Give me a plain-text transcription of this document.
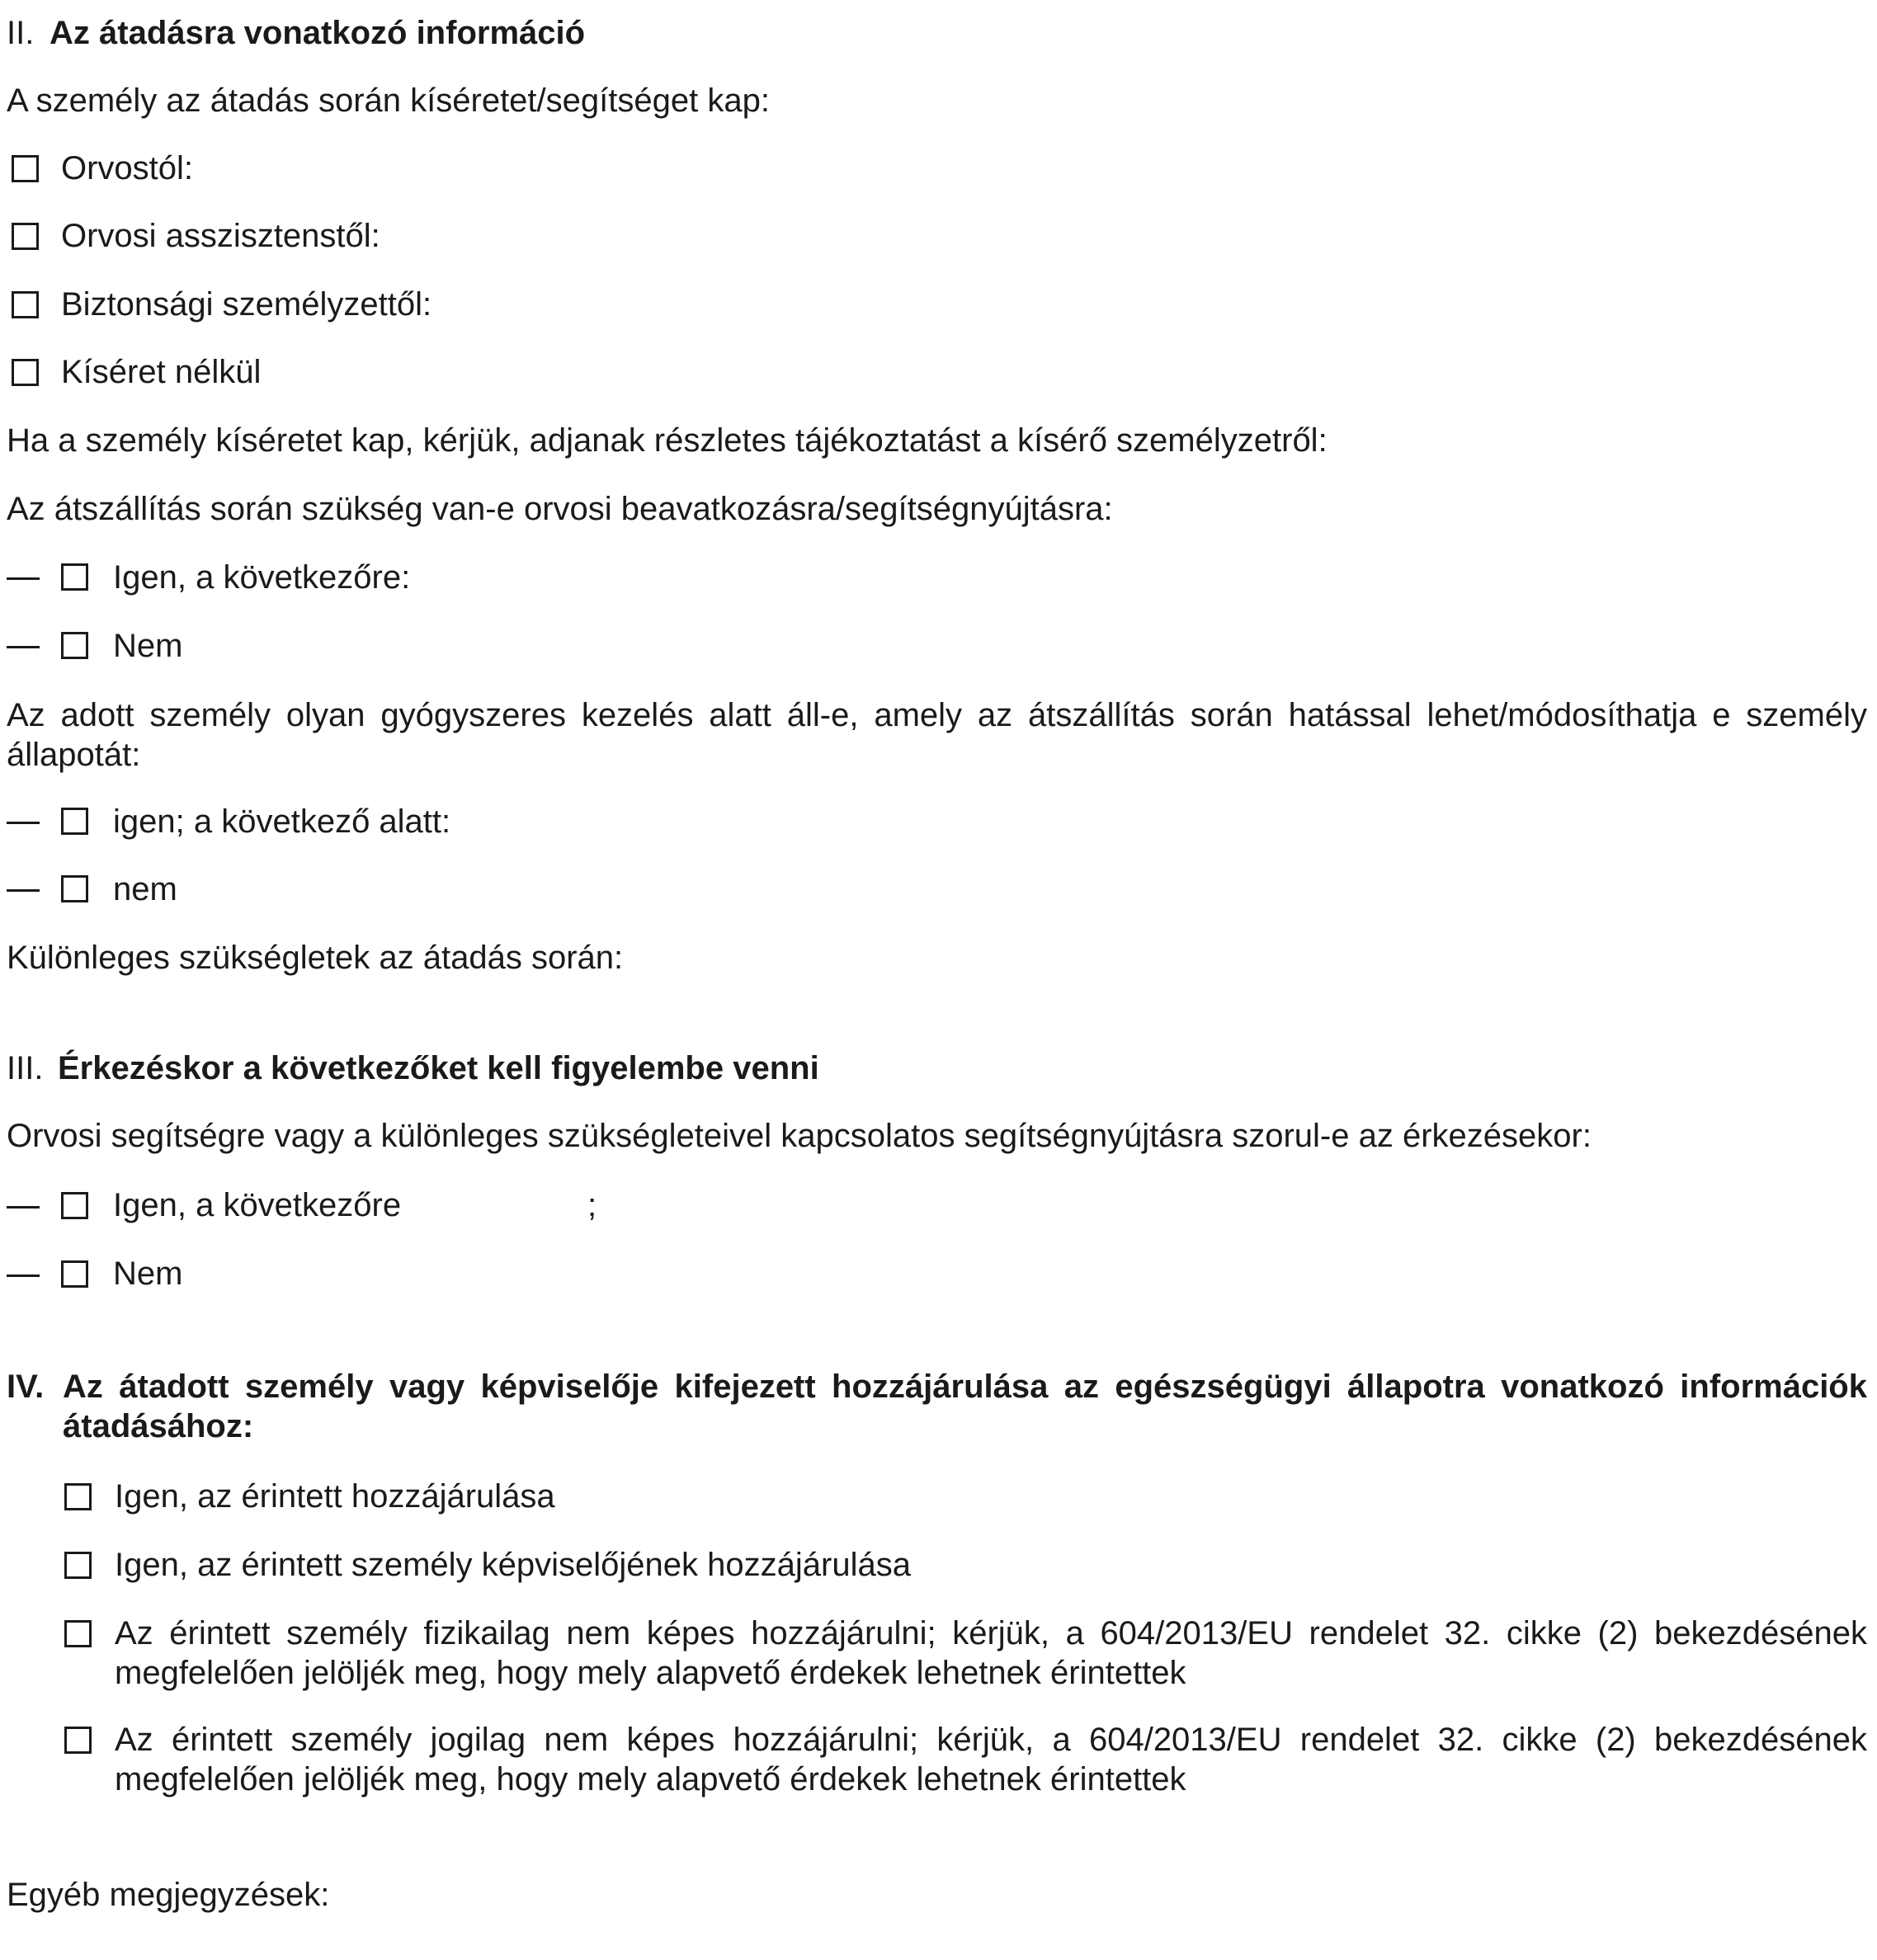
II. Az átadásra vonatkozó információ
A személy az átadás során kíséretet/segítséget kap:
Orvostól:
Orvosi asszisztenstől:
Biztonsági személyzettől:
Kíséret nélkül
Ha a személy kíséretet kap, kérjük, adjanak részletes tájékoztatást a kísérő személyzetről:
Az átszállítás során szükség van-e orvosi beavatkozásra/segítségnyújtásra:
Igen, a következőre:
Nem
Az adott személy olyan gyógyszeres kezelés alatt áll-e, amely az átszállítás során hatással lehet/módosíthatja e személy állapotát:
igen; a következő alatt:
nem
Különleges szükségletek az átadás során:
III. Érkezéskor a következőket kell figyelembe venni
Orvosi segítségre vagy a különleges szükségleteivel kapcsolatos segítségnyújtásra szorul-e az érkezésekor:
Igen, a következőre	;
Nem
IV. Az átadott személy vagy képviselője kifejezett hozzájárulása az egészségügyi állapotra vonatkozó információk átadásához:
Igen, az érintett hozzájárulása
Igen, az érintett személy képviselőjének hozzájárulása
Az érintett személy fizikailag nem képes hozzájárulni; kérjük, a 604/2013/EU rendelet 32. cikke (2) bekezdésének megfelelően jelöljék meg, hogy mely alapvető érdekek lehetnek érintettek
Az érintett személy jogilag nem képes hozzájárulni; kérjük, a 604/2013/EU rendelet 32. cikke (2) bekezdésének megfelelően jelöljék meg, hogy mely alapvető érdekek lehetnek érintettek
Egyéb megjegyzések:
